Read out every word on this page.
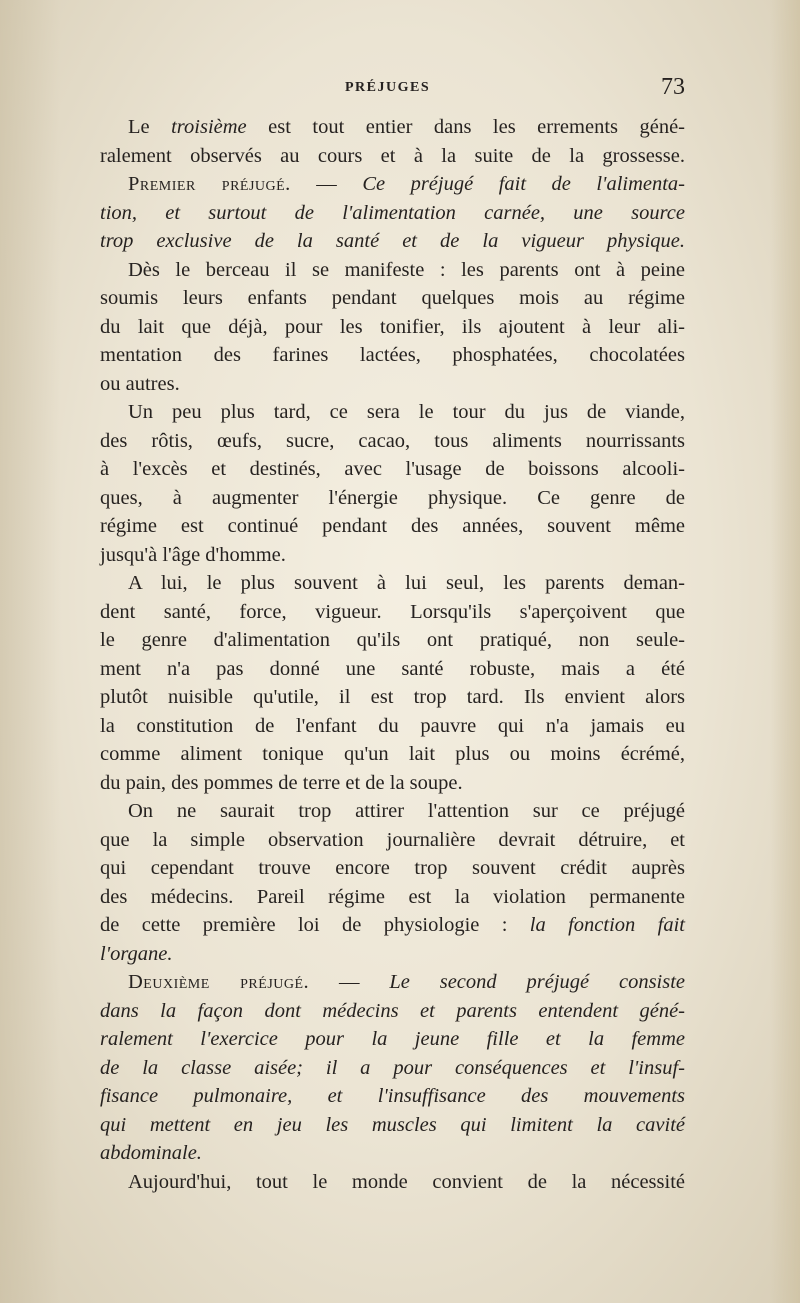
PRÉJUGES	73
Le troisième est tout entier dans les errements géné-
ralement observés au cours et à la suite de la grossesse.
Premier préjugé. — Ce préjugé fait de l'alimenta-
tion, et surtout de l'alimentation carnée, une source
trop exclusive de la santé et de la vigueur physique.
Dès le berceau il se manifeste : les parents ont à peine
soumis leurs enfants pendant quelques mois au régime
du lait que déjà, pour les tonifier, ils ajoutent à leur ali-
mentation des farines lactées, phosphatées, chocolatées
ou autres.
Un peu plus tard, ce sera le tour du jus de viande,
des rôtis, œufs, sucre, cacao, tous aliments nourrissants
à l'excès et destinés, avec l'usage de boissons alcooli-
ques, à augmenter l'énergie physique. Ce genre de
régime est continué pendant des années, souvent même
jusqu'à l'âge d'homme.
A lui, le plus souvent à lui seul, les parents deman-
dent santé, force, vigueur. Lorsqu'ils s'aperçoivent que
le genre d'alimentation qu'ils ont pratiqué, non seule-
ment n'a pas donné une santé robuste, mais a été
plutôt nuisible qu'utile, il est trop tard. Ils envient alors
la constitution de l'enfant du pauvre qui n'a jamais eu
comme aliment tonique qu'un lait plus ou moins écrémé,
du pain, des pommes de terre et de la soupe.
On ne saurait trop attirer l'attention sur ce préjugé
que la simple observation journalière devrait détruire, et
qui cependant trouve encore trop souvent crédit auprès
des médecins. Pareil régime est la violation permanente
de cette première loi de physiologie : la fonction fait
l'organe.
Deuxième préjugé. — Le second préjugé consiste
dans la façon dont médecins et parents entendent géné-
ralement l'exercice pour la jeune fille et la femme
de la classe aisée; il a pour conséquences et l'insuf-
fisance pulmonaire, et l'insuffisance des mouvements
qui mettent en jeu les muscles qui limitent la cavité
abdominale.
Aujourd'hui, tout le monde convient de la nécessité
